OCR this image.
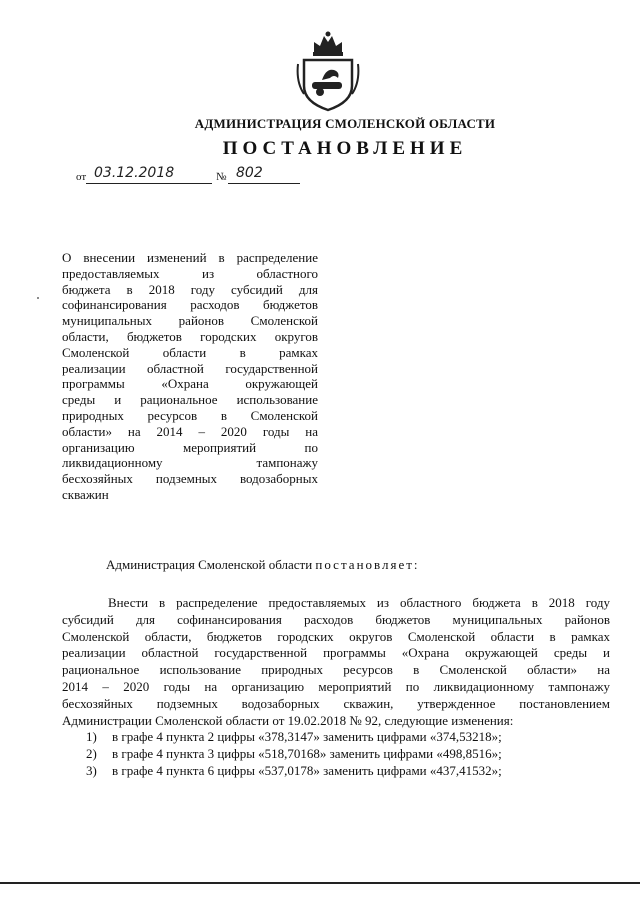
АДМИНИСТРАЦИЯ СМОЛЕНСКОЙ ОБЛАСТИ
ПОСТАНОВЛЕНИЕ
от 03.12.2018	№ 802
О внесении изменений в распределение
предоставляемых из областного
бюджета в 2018 году субсидий для
софинансирования расходов бюджетов
муниципальных районов Смоленской
области, бюджетов городских округов
Смоленской области в рамках
реализации областной государственной
программы «Охрана окружающей
среды и рациональное использование
природных ресурсов в Смоленской
области» на 2014 – 2020 годы на
организацию мероприятий по
ликвидационному тампонажу
бесхозяйных подземных водозаборных
скважин
Администрация Смоленской области постановляет:
Внести в распределение предоставляемых из областного бюджета в 2018 году
субсидий для софинансирования расходов бюджетов муниципальных районов
Смоленской области, бюджетов городских округов Смоленской области в рамках
реализации областной государственной программы «Охрана окружающей среды и
рациональное использование природных ресурсов в Смоленской области» на
2014 – 2020 годы на организацию мероприятий по ликвидационному тампонажу
бесхозяйных подземных водозаборных скважин, утвержденное постановлением
Администрации Смоленской области от 19.02.2018 № 92, следующие изменения:
1) в графе 4 пункта 2 цифры «378,3147» заменить цифрами «374,53218»;
2) в графе 4 пункта 3 цифры «518,70168» заменить цифрами «498,8516»;
3) в графе 4 пункта 6 цифры «537,0178» заменить цифрами «437,41532»;
